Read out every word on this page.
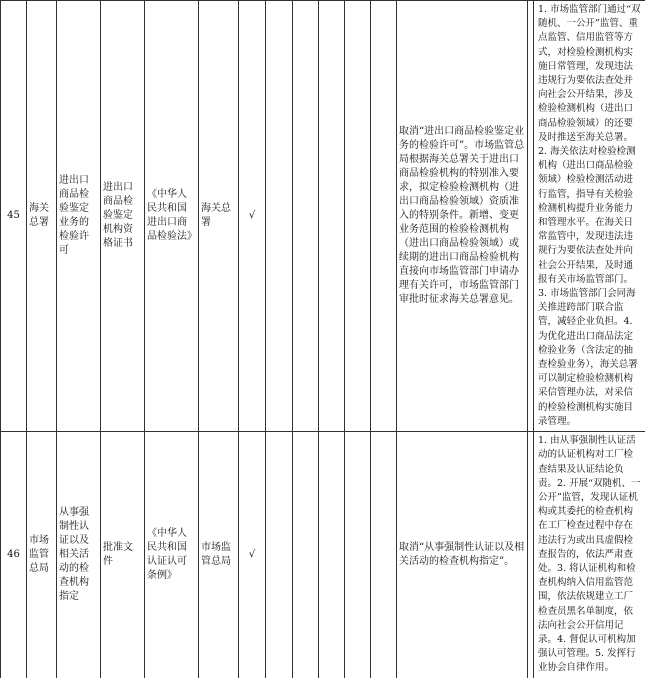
45	海关总署	进出口商品检验鉴定业务的检验许可	进出口商品检验鉴定机构资格证书	《中华人民共和国进出口商品检验法》	海关总署	√						取消“进出口商品检验鉴定业务的检验许可”。市场监管总局根据海关总署关于进出口商品检验机构的特别准入要求，拟定检验检测机构（进出口商品检验领域）资质准入的特别条件。新增、变更业务范围的检验检测机构（进出口商品检验领域）或续期的进出口商品检验机构直接向市场监管部门申请办理有关许可，市场监管部门审批时征求海关总署意见。		1. 市场监管部门通过“双随机、一公开”监管、重点监管、信用监管等方式，对检验检测机构实施日常管理，发现违法违规行为要依法查处并向社会公开结果，涉及检验检测机构（进出口商品检验领域）的还要及时推送至海关总署。2. 海关依法对检验检测机构（进出口商品检验领域）检验检测活动进行监管，指导有关检验检测机构提升业务能力和管理水平。在海关日常监管中，发现违法违规行为要依法查处并向社会公开结果，及时通报有关市场监管部门。3. 市场监管部门会同海关推进跨部门联合监管，减轻企业负担。4. 为优化进出口商品法定检验业务（含法定的抽查检验业务），海关总署可以制定检验检测机构采信管理办法，对采信的检验检测机构实施目录管理。
46	市场监管总局	从事强制性认证以及相关活动的检查机构指定	批准文件	《中华人民共和国认证认可条例》	市场监管总局	√						取消“从事强制性认证以及相关活动的检查机构指定”。		1. 由从事强制性认证活动的认证机构对工厂检查结果及认证结论负责。2. 开展“双随机、一公开”监管，发现认证机构或其委托的检查机构在工厂检查过程中存在违法行为或出具虚假检查报告的，依法严肃查处。3. 将认证机构和检查机构纳入信用监管范围，依法依规建立工厂检查员黑名单制度，依法向社会公开信用记录。4. 督促认可机构加强认可管理。5. 发挥行业协会自律作用。
